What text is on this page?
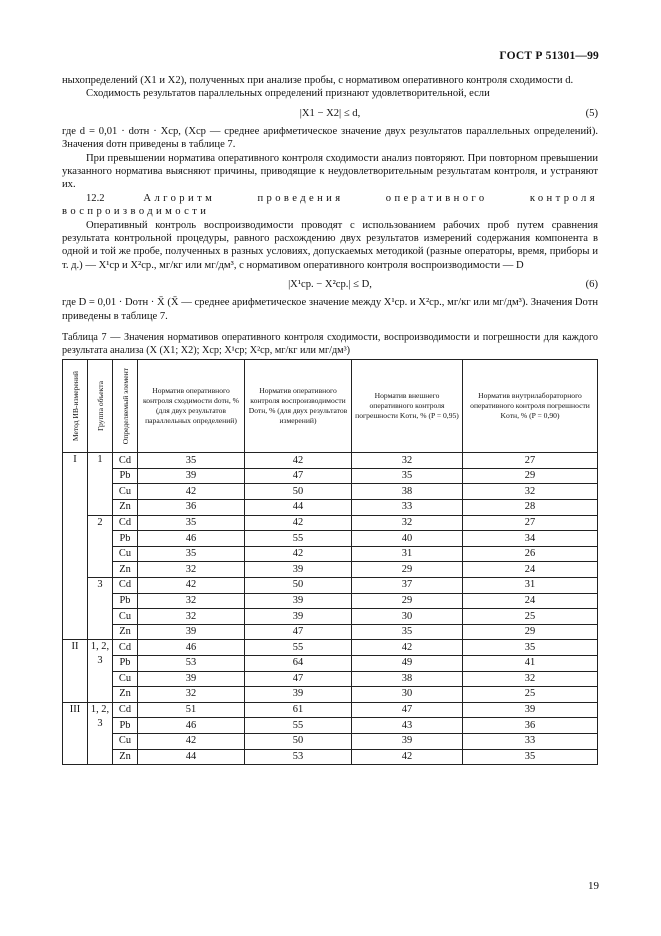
ГОСТ Р 51301—99

ныхопределений (X1 и X2), полученных при анализе пробы, с нормативом оперативного контроля сходимости d.

Сходимость результатов параллельных определений признают удовлетворительной, если

|X1 − X2| ≤ d,	(5)

где d = 0,01 · dотн · Xср, (Xср — среднее арифметическое значение двух результатов параллельных определений). Значения dотн приведены в таблице 7.

При превышении норматива оперативного контроля сходимости анализ повторяют. При повторном превышении указанного норматива выясняют причины, приводящие к неудовлетворительным результатам контроля, и устраняют их.

12.2	Алгоритм проведения оперативного контроля воспроизводимости

Оперативный контроль воспроизводимости проводят с использованием рабочих проб путем сравнения результата контрольной процедуры, равного расхождению двух результатов измерений содержания компонента в одной и той же пробе, полученных в разных условиях, допускаемых методикой (разные операторы, время, приборы и т. д.) — X¹ср и X²ср., мг/кг или мг/дм³, с нормативом оперативного контроля воспроизводимости — D

|X¹ср. − X²ср.| ≤ D,	(6)

где D = 0,01 · Dотн · X̄ (X̄ — среднее арифметическое значение между X¹ср. и X²ср., мг/кг или мг/дм³). Значения Dотн приведены в таблице 7.

Таблица 7 — Значения нормативов оперативного контроля сходимости, воспроизводимости и погрешности для каждого результата анализа (X (X1; X2); Xср; X¹ср; X²ср, мг/кг или мг/дм³)

Метод ИВ-измерений	Группа объекта	Определяемый элемент	Норматив оперативного контроля сходимости dотн, % (для двух результатов параллельных определений)	Норматив оперативного контроля воспроизводимости Dотн, % (для двух результатов измерений)	Норматив внешнего оперативного контроля погрешности Kотн, % (P = 0,95)	Норматив внутрилабораторного оперативного контроля погрешности Kотн, % (P = 0,90)
I	1	Cd	35	42	32	27
		Pb	39	47	35	29
		Cu	42	50	38	32
		Zn	36	44	33	28
	2	Cd	35	42	32	27
		Pb	46	55	40	34
		Cu	35	42	31	26
		Zn	32	39	29	24
	3	Cd	42	50	37	31
		Pb	32	39	29	24
		Cu	32	39	30	25
		Zn	39	47	35	29
II	1, 2, 3	Cd	46	55	42	35
		Pb	53	64	49	41
		Cu	39	47	38	32
		Zn	32	39	30	25
III	1, 2, 3	Cd	51	61	47	39
		Pb	46	55	43	36
		Cu	42	50	39	33
		Zn	44	53	42	35
19
